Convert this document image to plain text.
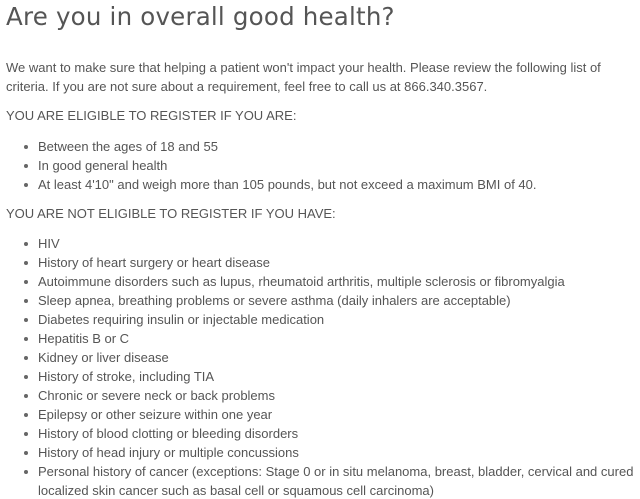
Are you in overall good health?

We want to make sure that helping a patient won't impact your health. Please review the following list of criteria. If you are not sure about a requirement, feel free to call us at 866.340.3567.

YOU ARE ELIGIBLE TO REGISTER IF YOU ARE:

Between the ages of 18 and 55
In good general health
At least 4'10" and weigh more than 105 pounds, but not exceed a maximum BMI of 40.

YOU ARE NOT ELIGIBLE TO REGISTER IF YOU HAVE:

HIV
History of heart surgery or heart disease
Autoimmune disorders such as lupus, rheumatoid arthritis, multiple sclerosis or fibromyalgia
Sleep apnea, breathing problems or severe asthma (daily inhalers are acceptable)
Diabetes requiring insulin or injectable medication
Hepatitis B or C
Kidney or liver disease
History of stroke, including TIA
Chronic or severe neck or back problems
Epilepsy or other seizure within one year
History of blood clotting or bleeding disorders
History of head injury or multiple concussions
Personal history of cancer (exceptions: Stage 0 or in situ melanoma, breast, bladder, cervical and cured localized skin cancer such as basal cell or squamous cell carcinoma)
